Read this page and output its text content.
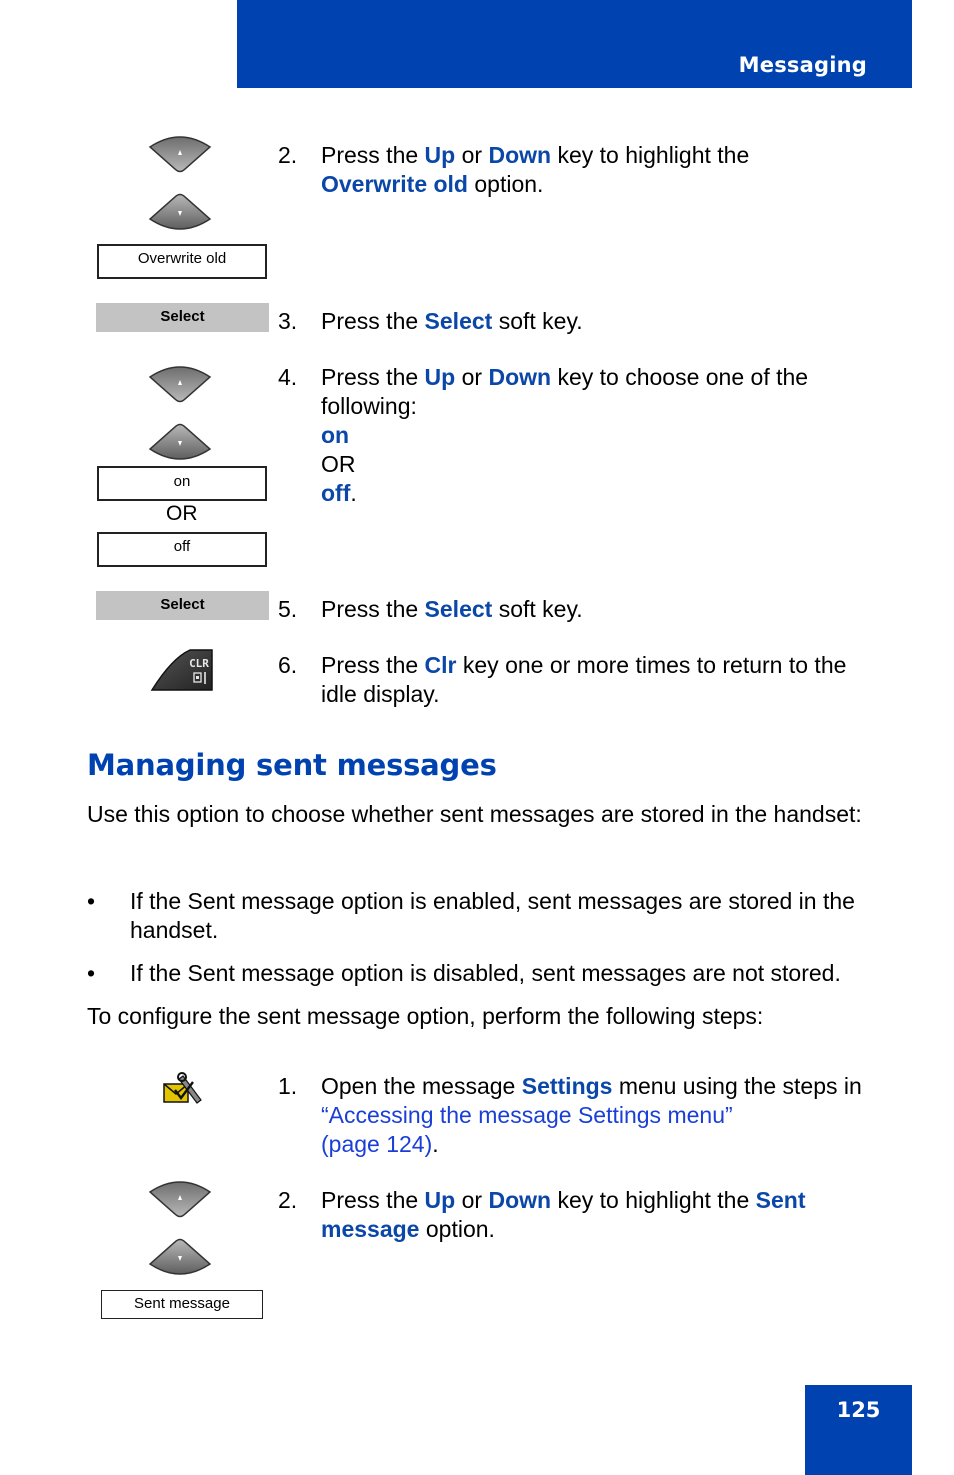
Messaging
Overwrite old
2. Press the Up or Down key to highlight the
Overwrite old option.
Select	3. Press the Select soft key.
on
OR
off
4. Press the Up or Down key to choose one of the following:
on
OR
off.
Select	5. Press the Select soft key.
CLR	6. Press the Clr key one or more times to return to the idle display.
Managing sent messages
Use this option to choose whether sent messages are stored in the handset:
• If the Sent message option is enabled, sent messages are stored in the handset.
• If the Sent message option is disabled, sent messages are not stored.
To configure the sent message option, perform the following steps:
1. Open the message Settings menu using the steps in “Accessing the message Settings menu”
(page 124).
Sent message
2. Press the Up or Down key to highlight the Sent message option.
125
